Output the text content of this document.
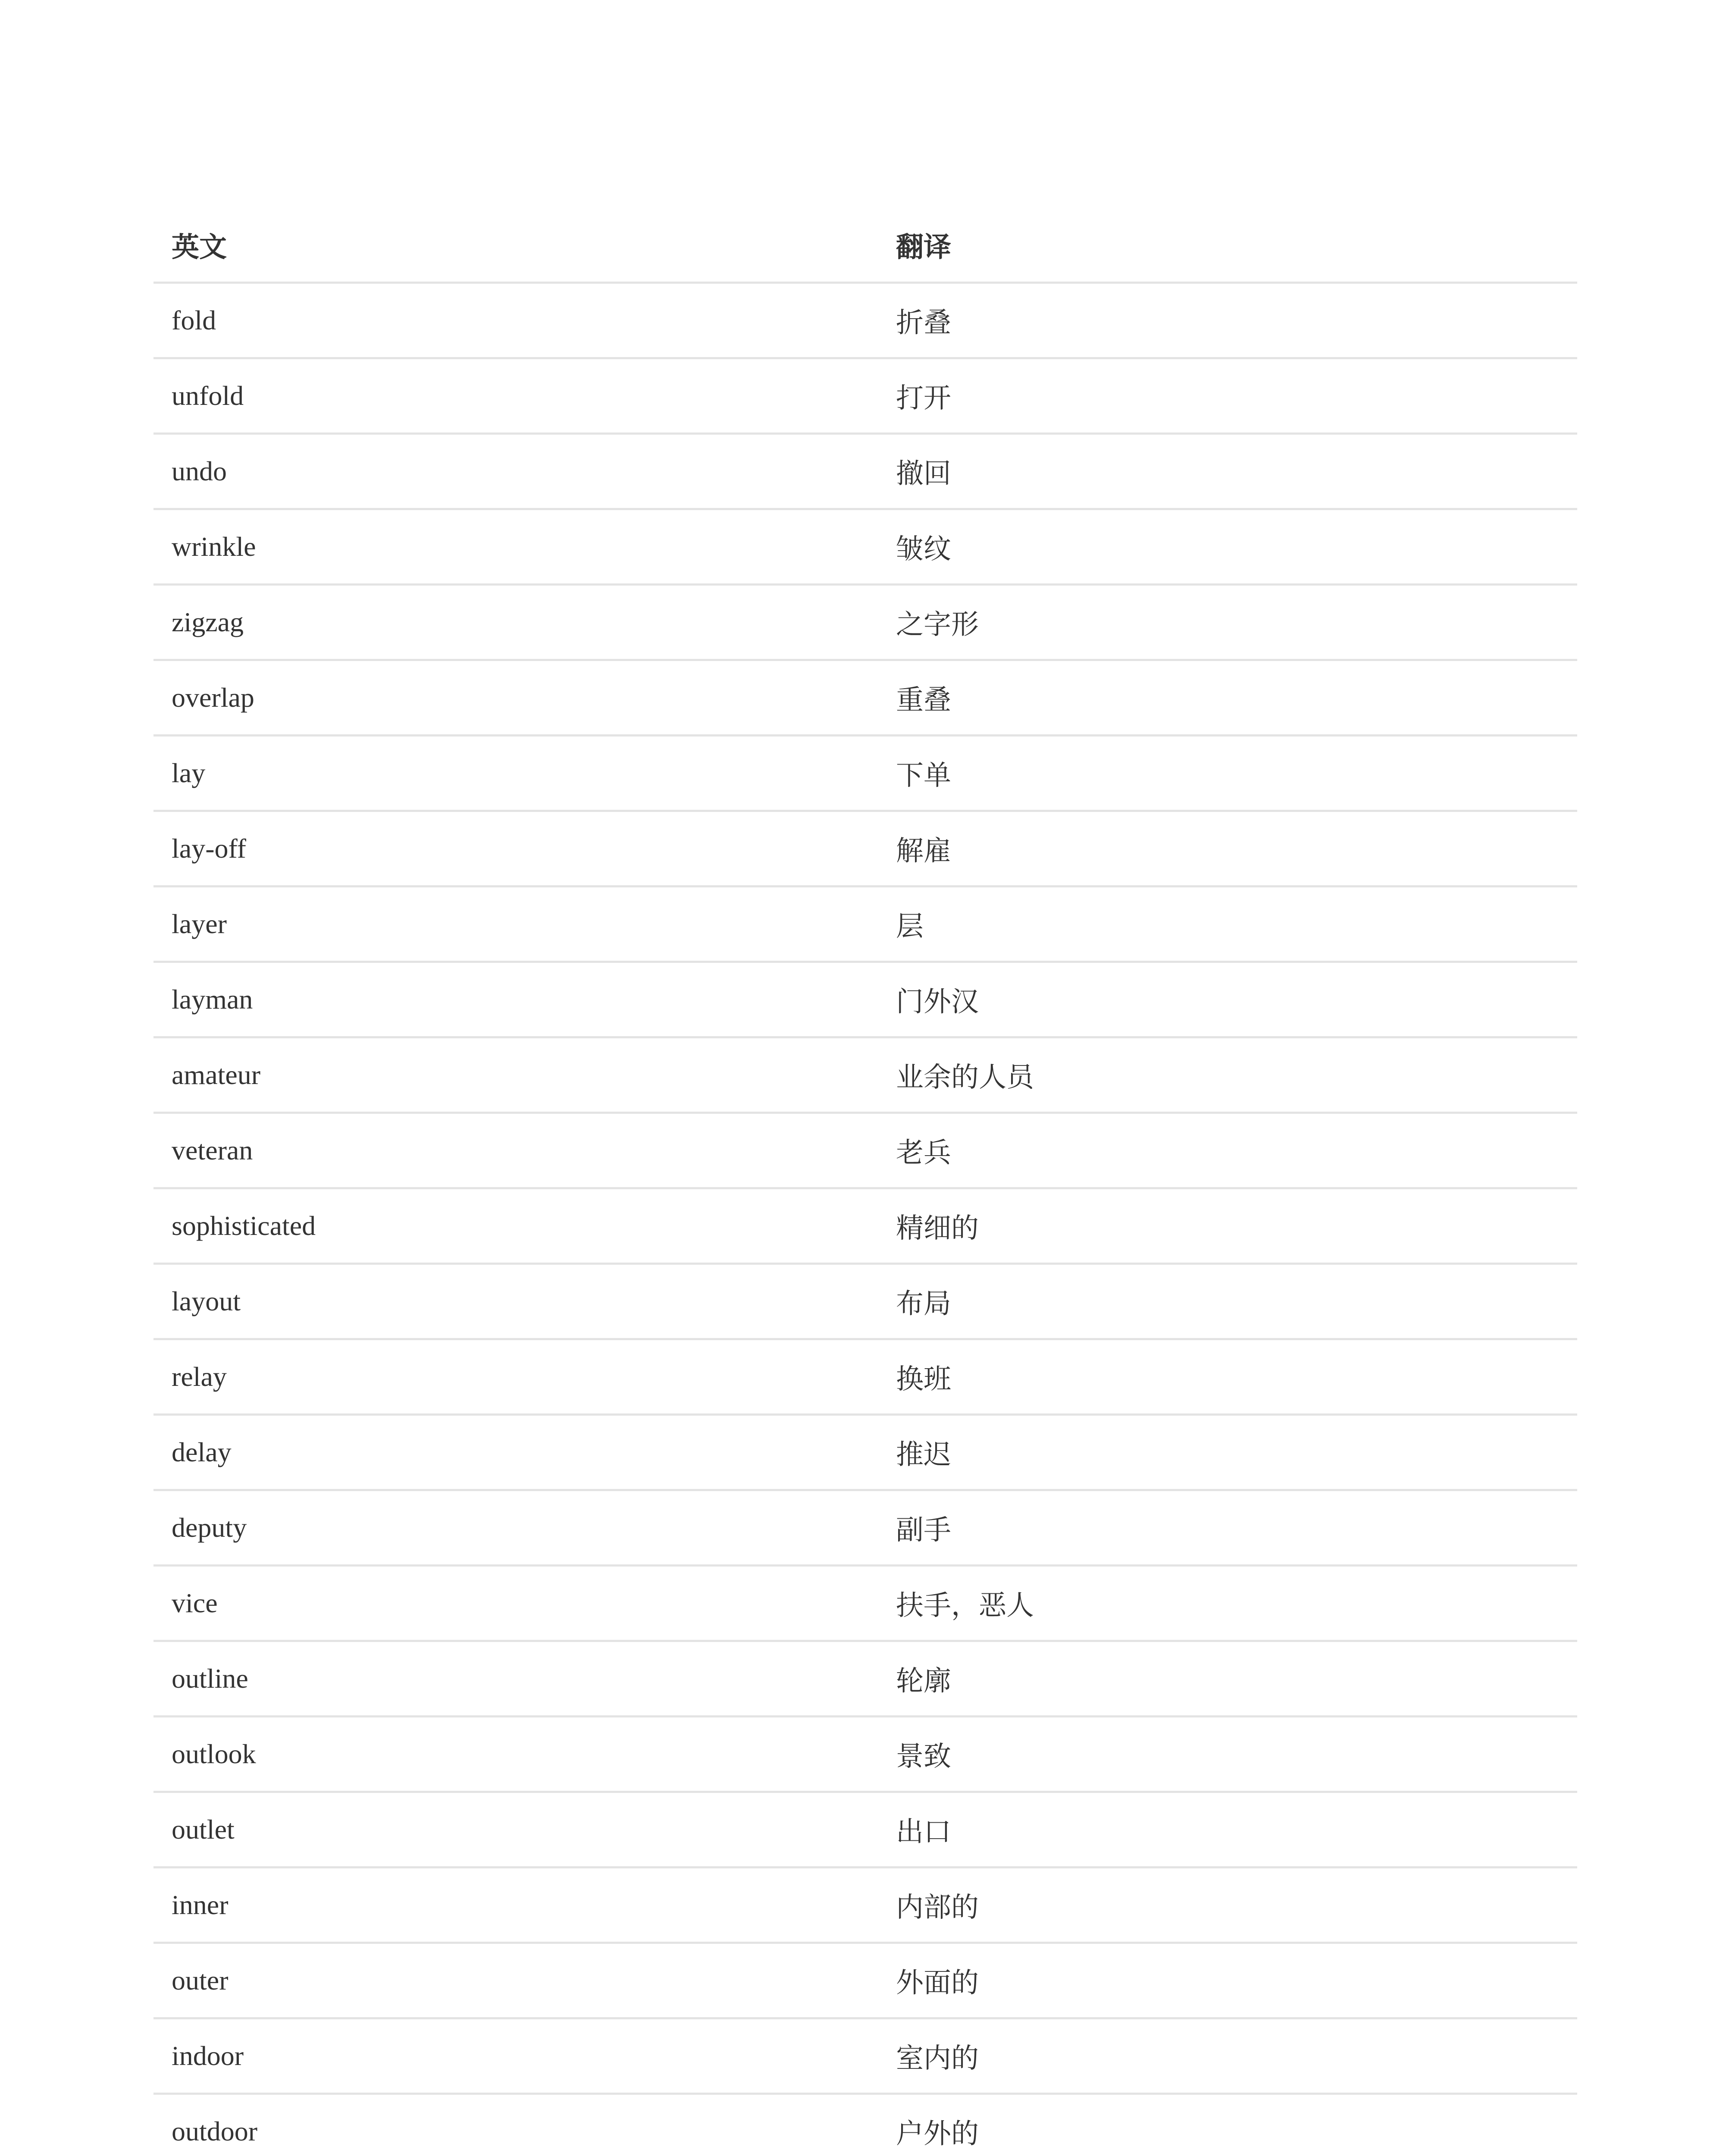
英文	翻译
fold	折叠
unfold	打开
undo	撤回
wrinkle	皱纹
zigzag	之字形
overlap	重叠
lay	下单
lay-off	解雇
layer	层
layman	门外汉
amateur	业余的人员
veteran	老兵
sophisticated	精细的
layout	布局
relay	换班
delay	推迟
deputy	副手
vice	扶手，恶人
outline	轮廓
outlook	景致
outlet	出口
inner	内部的
outer	外面的
indoor	室内的
outdoor	户外的
